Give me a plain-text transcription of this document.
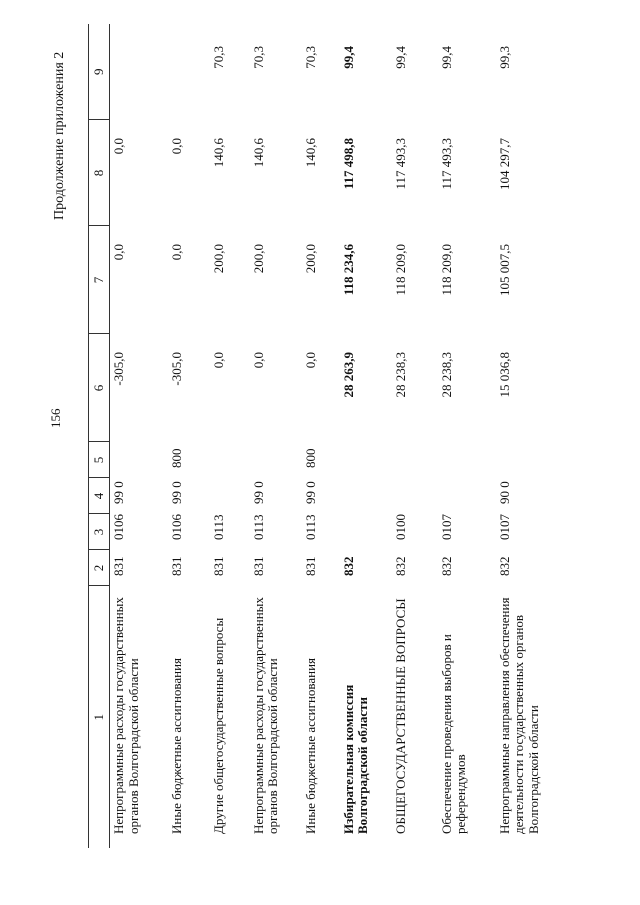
156
Продолжение приложения 2
1	2	3	4	5	6	7	8	9
Непрограммные расходы государственных органов Волгоградской области	831	0106	99 0		-305,0	0,0	0,0	
Иные бюджетные ассигнования	831	0106	99 0	800	-305,0	0,0	0,0	
Другие общегосударственные вопросы	831	0113			0,0	200,0	140,6	70,3
Непрограммные расходы государственных органов Волгоградской области	831	0113	99 0		0,0	200,0	140,6	70,3
Иные бюджетные ассигнования	831	0113	99 0	800	0,0	200,0	140,6	70,3
Избирательная комиссия Волгоградской области	832				28 263,9	118 234,6	117 498,8	99,4
ОБЩЕГОСУДАРСТВЕННЫЕ ВОПРОСЫ	832	0100			28 238,3	118 209,0	117 493,3	99,4
Обеспечение проведения выборов и референдумов	832	0107			28 238,3	118 209,0	117 493,3	99,4
Непрограммные направления обеспечения деятельности государственных органов Волгоградской области	832	0107	90 0		15 036,8	105 007,5	104 297,7	99,3
